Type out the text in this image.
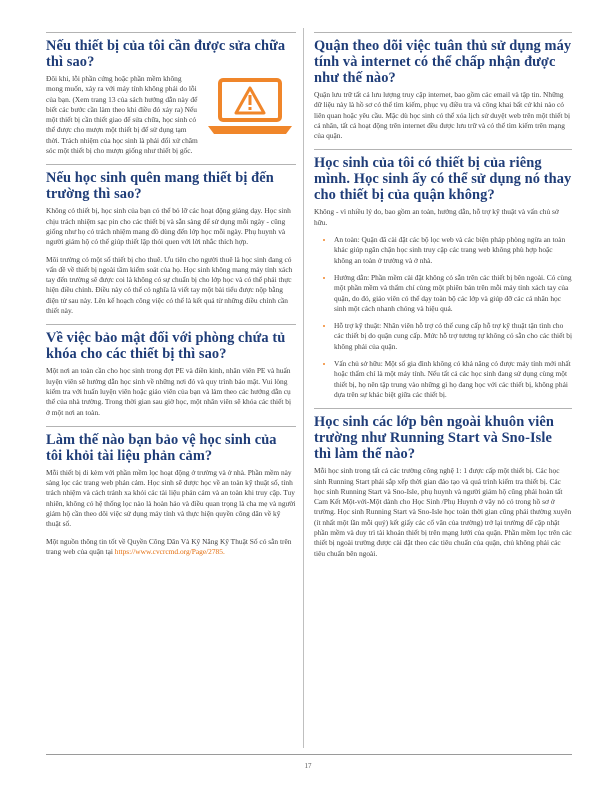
Nếu thiết bị của tôi cần được sửa chữa thì sao?

Đôi khi, lỗi phần cứng hoặc phần mềm không mong muốn, xảy ra với máy tính không phải do lỗi của bạn. (Xem trang 13 của sách hướng dẫn này để biết các bước cần làm theo khi điều đó xảy ra) Nếu một thiết bị cần thiết giao để sửa chữa, học sinh có thể được cho mượn một thiết bị để sử dụng tạm thời. Trách nhiệm của học sinh là phải đối xử chăm sóc một thiết bị cho mượn giống như thiết bị gốc.

Nếu học sinh quên mang thiết bị đến trường thì sao?

Không có thiết bị, học sinh của bạn có thể bỏ lỡ các hoạt động giảng dạy. Học sinh chịu trách nhiệm sạc pin cho các thiết bị và sẵn sàng để sử dụng mỗi ngày - cũng giống như họ có trách nhiệm mang đồ dùng đến lớp học mỗi ngày. Phụ huynh và người giám hộ có thể giúp thiết lập thói quen với lời nhắc thích hợp.

Môi trường có một số thiết bị cho thuê. Ưu tiên cho người thuê là học sinh đang có vấn đề về thiết bị ngoài tầm kiểm soát của họ. Học sinh không mang máy tính xách tay đến trường sẽ được coi là không có sự chuẩn bị cho lớp học và có thể phải thực hiện điều chỉnh. Điều này có thể có nghĩa là viết tay một bài tiểu được nộp bằng điện tử sau này. Lên kế hoạch công việc có thể là kết quả từ những điều chỉnh cần thiết này.

Về việc bảo mật đối với phòng chứa tủ khóa cho các thiết bị thì sao?

Một nơi an toàn cần cho học sinh trong đợt PE và điền kinh, nhân viên PE và huấn luyện viên sẽ hướng dẫn học sinh về những nơi đó và quy trình bảo mật. Vui lòng kiểm tra với huấn luyện viên hoặc giáo viên của bạn và làm theo các hướng dẫn cụ thể của nhà trường. Trong thời gian sau giờ học, một nhân viên sẽ khóa các thiết bị ở một nơi an toàn.

Làm thế nào bạn bảo vệ học sinh của tôi khỏi tài liệu phản cảm?

Mỗi thiết bị di kèm với phần mềm lọc hoạt động ở trường và ở nhà. Phần mềm này sàng lọc các trang web phản cảm. Học sinh sẽ được học về an toàn kỹ thuật số, tính trách nhiệm và cách tránh xa khỏi các tài liệu phản cảm và an toàn khi truy cập. Tuy nhiên, không có hệ thống lọc nào là hoàn hảo và điều quan trọng là cha mẹ và người giám hộ cần theo dõi việc sử dụng máy tính và thực hiện quyền công dân về kỹ thuật số.

Một nguồn thông tin tốt về Quyền Công Dân Và Kỹ Năng Kỹ Thuật Số có sẵn trên trang web của quận tại https://www.cvcrcmd.org/Page/2785.

Quận theo dõi việc tuân thủ sử dụng máy tính và internet có thể chấp nhận được như thế nào?

Quận lưu trữ tất cả lưu lượng truy cập internet, bao gồm các email và tập tin. Những dữ liệu này là hồ sơ có thể tìm kiếm, phục vụ điều tra và công khai bất cứ khi nào có liên quan hoặc yêu cầu. Mặc dù học sinh có thể xóa lịch sử duyệt web trên một thiết bị cá nhân, tất cả hoạt động trên internet đều được lưu trữ và có thể tìm kiếm trên mạng của quận.

Học sinh của tôi có thiết bị của riêng mình. Học sinh ấy có thể sử dụng nó thay cho thiết bị của quận không?

Không - vì nhiều lý do, bao gồm an toàn, hướng dẫn, hỗ trợ kỹ thuật và vấn chủ sở hữu.

• An toàn: Quận đã cài đặt các bộ lọc web và các biện pháp phòng ngừa an toàn khác giúp ngăn chặn học sinh truy cập các trang web không phù hợp hoặc không an toàn ở trường và ở nhà.
• Hướng dẫn: Phần mềm cài đặt không có sẵn trên các thiết bị bên ngoài. Có cùng một phần mềm và thẩm chí cùng một phiên bản trên mỗi máy tính xách tay của quận, do đó, giáo viên có thể dạy toàn bộ các lớp và giúp đỡ các cá nhân học sinh một cách nhanh chóng và hiệu quả.
• Hỗ trợ kỹ thuật: Nhân viên hỗ trợ có thể cung cấp hỗ trợ kỹ thuật tận tình cho các thiết bị do quận cung cấp. Mức hỗ trợ tương tự không có sẵn cho các thiết bị không phải của quận.
• Vấn chủ sở hữu: Một số gia đình không có khả năng có được máy tính mới nhất hoặc thẩm chí là một máy tính. Nếu tất cả các học sinh đang sử dụng cùng một thiết bị, họ nên tập trung vào những gì họ đang học với các thiết bị, không phải dựa trên sự khác biệt giữa các thiết bị.
Học sinh các lớp bên ngoài khuôn viên trường như Running Start và Sno-Isle thì làm thế nào?

Mỗi học sinh trong tất cả các trường công nghệ 1: 1 được cấp một thiết bị. Các học sinh Running Start phải sắp xếp thời gian đảo tạo và quá trình kiểm tra thiết bị. Các học sinh Running Start và Sno-Isle, phụ huynh và người giám hộ cũng phải hoàn tất Cam Kết Một-với-Một dành cho Học Sinh /Phụ Huynh ở vây nó có trong hồ sơ ở trường. Học sinh Running Start và Sno-Isle học toàn thời gian cũng phải thường xuyên (ít nhất một lần mỗi quý) kết giấy các cổ văn của trường) trở lại trường để cập nhật phần mềm và duy trì tài khoản thiết bị trên mạng lưới của quận. Phần mềm lọc trên các thiết bị ngoài trường được cài đặt theo các tiêu chuẩn của quận, chủ không phải các tiêu chuẩn bên ngoài.

17
